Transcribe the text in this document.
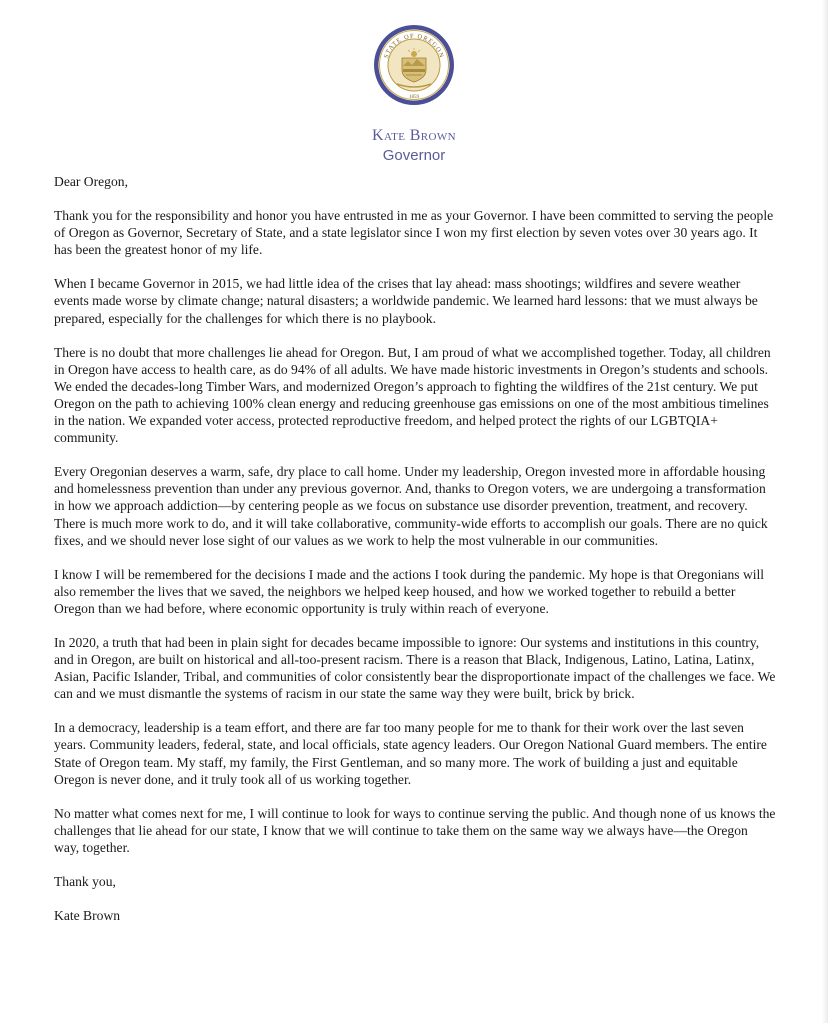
STATE OF OREGON
1859
Kate Brown
Governor

Dear Oregon,

Thank you for the responsibility and honor you have entrusted in me as your Governor. I have been committed to serving the people of Oregon as Governor, Secretary of State, and a state legislator since I won my first election by seven votes over 30 years ago. It has been the greatest honor of my life.

When I became Governor in 2015, we had little idea of the crises that lay ahead: mass shootings; wildfires and severe weather events made worse by climate change; natural disasters; a worldwide pandemic. We learned hard lessons: that we must always be prepared, especially for the challenges for which there is no playbook.

There is no doubt that more challenges lie ahead for Oregon. But, I am proud of what we accomplished together. Today, all children in Oregon have access to health care, as do 94% of all adults. We have made historic investments in Oregon’s students and schools. We ended the decades-long Timber Wars, and modernized Oregon’s approach to fighting the wildfires of the 21st century. We put Oregon on the path to achieving 100% clean energy and reducing greenhouse gas emissions on one of the most ambitious timelines in the nation. We expanded voter access, protected reproductive freedom, and helped protect the rights of our LGBTQIA+ community.

Every Oregonian deserves a warm, safe, dry place to call home. Under my leadership, Oregon invested more in affordable housing and homelessness prevention than under any previous governor. And, thanks to Oregon voters, we are undergoing a transformation in how we approach addiction—by centering people as we focus on substance use disorder prevention, treatment, and recovery. There is much more work to do, and it will take collaborative, community-wide efforts to accomplish our goals. There are no quick fixes, and we should never lose sight of our values as we work to help the most vulnerable in our communities.

I know I will be remembered for the decisions I made and the actions I took during the pandemic. My hope is that Oregonians will also remember the lives that we saved, the neighbors we helped keep housed, and how we worked together to rebuild a better Oregon than we had before, where economic opportunity is truly within reach of everyone.

In 2020, a truth that had been in plain sight for decades became impossible to ignore: Our systems and institutions in this country, and in Oregon, are built on historical and all-too-present racism. There is a reason that Black, Indigenous, Latino, Latina, Latinx, Asian, Pacific Islander, Tribal, and communities of color consistently bear the disproportionate impact of the challenges we face. We can and we must dismantle the systems of racism in our state the same way they were built, brick by brick.

In a democracy, leadership is a team effort, and there are far too many people for me to thank for their work over the last seven years. Community leaders, federal, state, and local officials, state agency leaders. Our Oregon National Guard members. The entire State of Oregon team. My staff, my family, the First Gentleman, and so many more. The work of building a just and equitable Oregon is never done, and it truly took all of us working together.

No matter what comes next for me, I will continue to look for ways to continue serving the public. And though none of us knows the challenges that lie ahead for our state, I know that we will continue to take them on the same way we always have—the Oregon way, together.

Thank you,

Kate Brown
